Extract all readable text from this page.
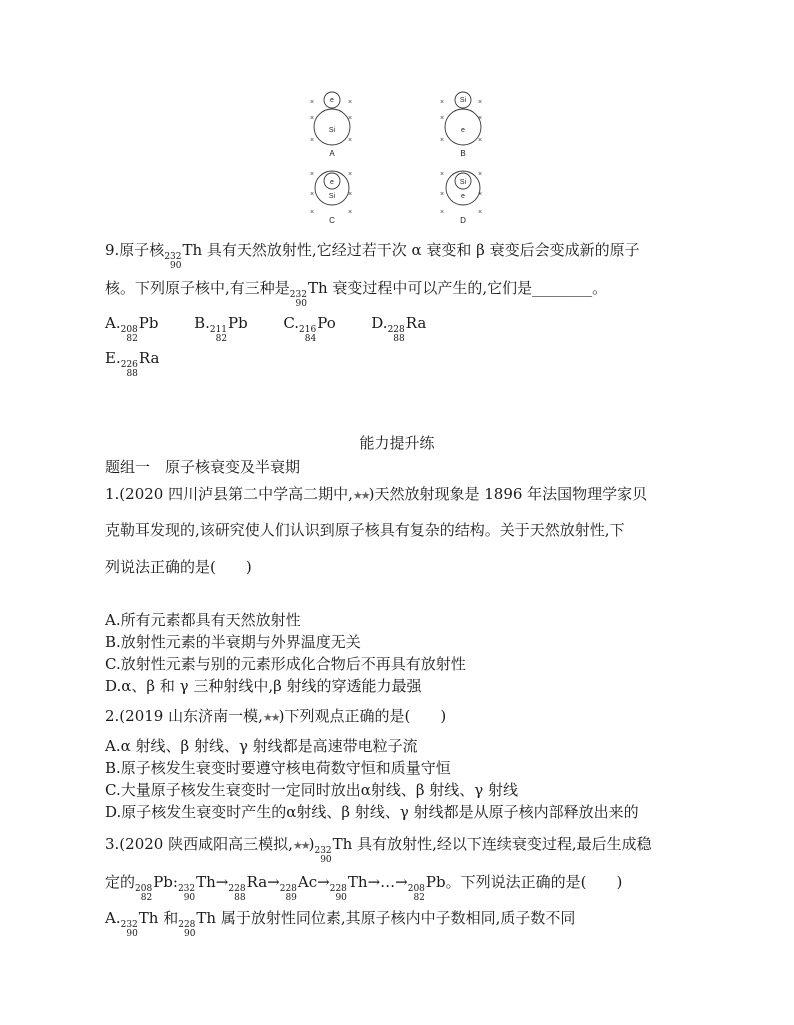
×	×
×	×
×	×
×	×
×	×
×	×
×	×
×	×
×	×
×	×
×	×
×	×
e
Si
Si
e
e
Si
Si
e
A	B
C	D
9.原子核 232
90
Th 具有天然放射性,它经过若干次 α 衰变和 β 衰变后会变成新的原子
核。下列原子核中,有三种是 232
90
Th 衰变过程中可以产生的,它们是________。
A. 208
82
Pb B. 211
82
Pb C. 216
84
Po D. 228
88
Ra
E. 226
88
Ra
能力提升练
题组一　原子核衰变及半衰期
1.(2020 四川泸县第二中学高二期中,★★)天然放射现象是 1896 年法国物理学家贝
克勒耳发现的,该研究使人们认识到原子核具有复杂的结构。关于天然放射性,下
列说法正确的是(　　)
A.所有元素都具有天然放射性
B.放射性元素的半衰期与外界温度无关
C.放射性元素与别的元素形成化合物后不再具有放射性
D.α、β 和 γ 三种射线中,β 射线的穿透能力最强
2.(2019 山东济南一模,★★)下列观点正确的是(　　)
A.α 射线、β 射线、γ 射线都是高速带电粒子流
B.原子核发生衰变时要遵守核电荷数守恒和质量守恒
C.大量原子核发生衰变时一定同时放出α射线、β 射线、γ 射线
D.原子核发生衰变时产生的α射线、β 射线、γ 射线都是从原子核内部释放出来的
3.(2020 陕西咸阳高三模拟,★★) 232
90
Th 具有放射性,经以下连续衰变过程,最后生成稳
定的 208
82
Pb: 232
90
Th→ 228
88
Ra→ 228
89
Ac→ 228
90
Th→…→ 208
82
Pb。下列说法正确的是(　　)
A. 232
90
Th 和 228
90
Th 属于放射性同位素,其原子核内中子数相同,质子数不同
